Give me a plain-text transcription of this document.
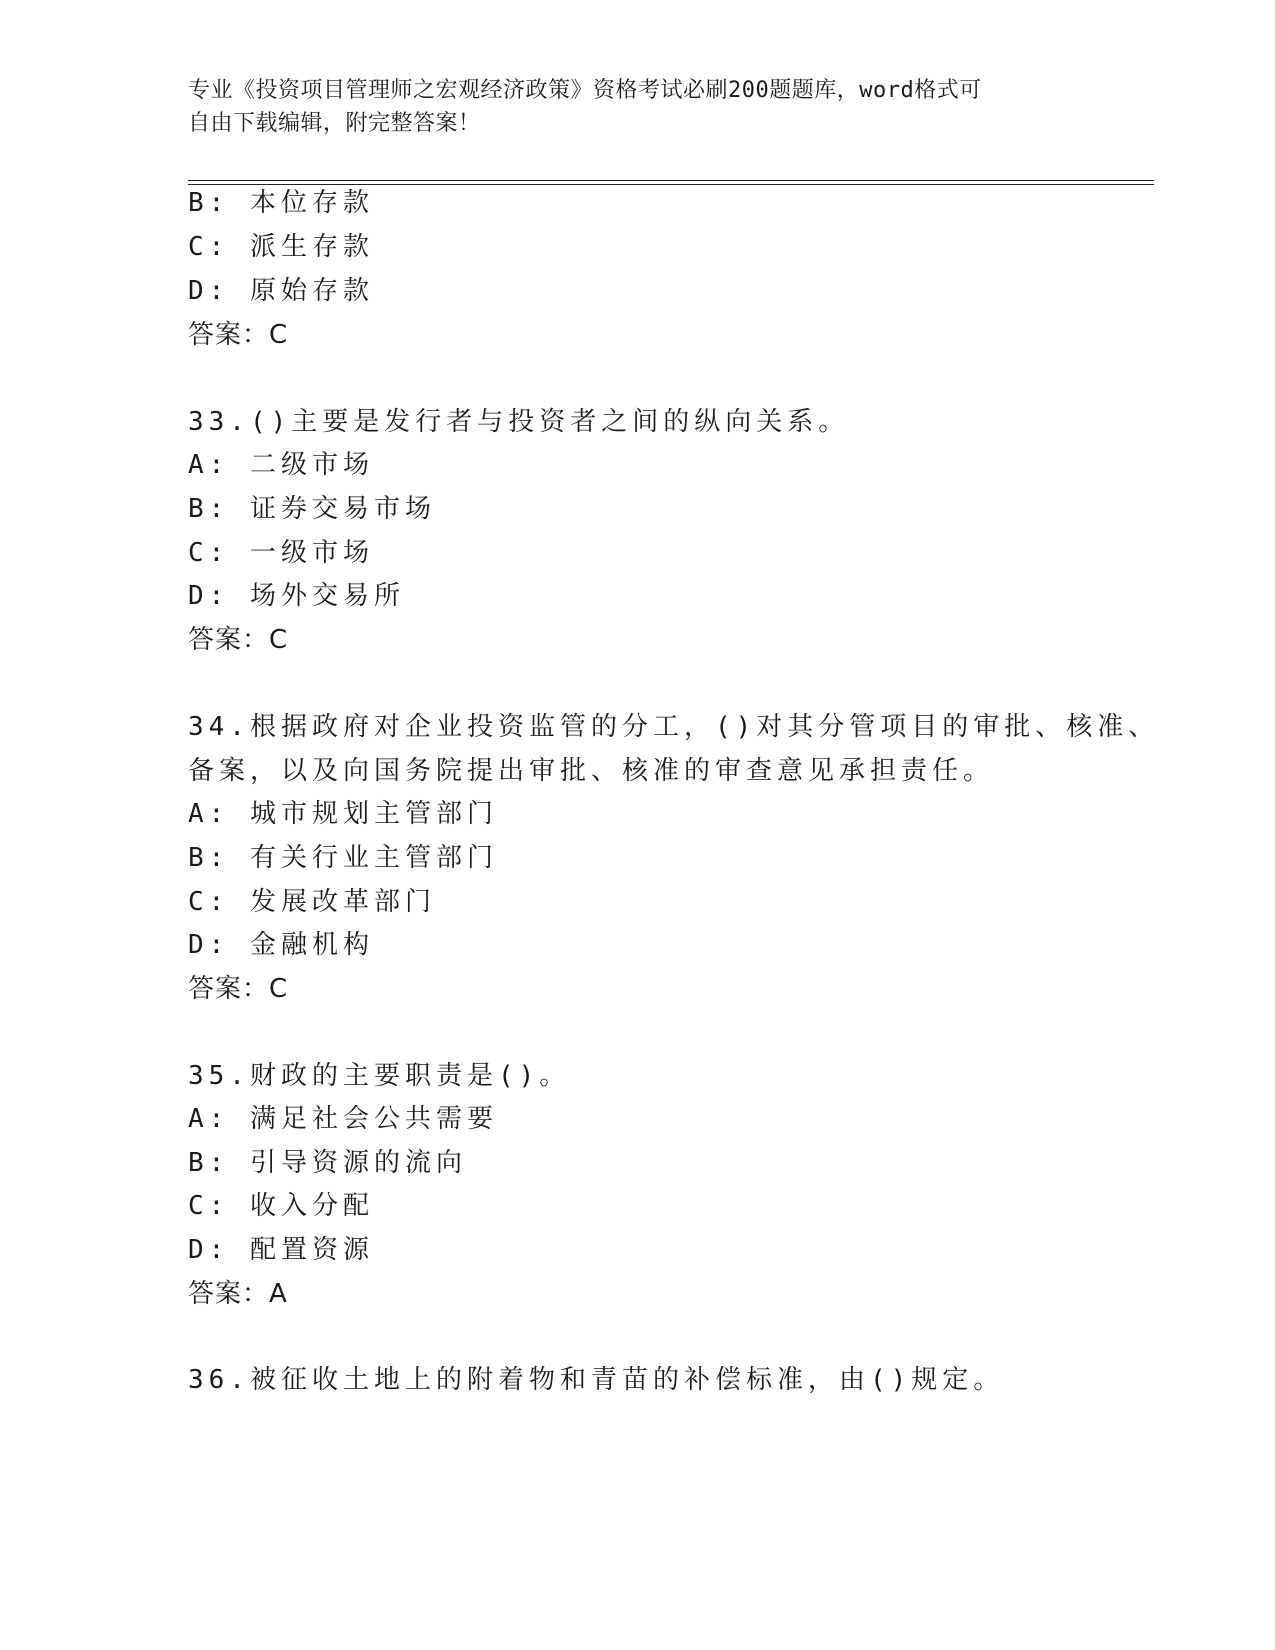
专业《投资项目管理师之宏观经济政策》资格考试必刷200题题库，word格式可
自由下载编辑，附完整答案！
B: 本位存款
C: 派生存款
D: 原始存款
答案：C
33.()主要是发行者与投资者之间的纵向关系。
A: 二级市场
B: 证券交易市场
C: 一级市场
D: 场外交易所
答案：C
34.根据政府对企业投资监管的分工，()对其分管项目的审批、核准、
备案，以及向国务院提出审批、核准的审查意见承担责任。
A: 城市规划主管部门
B: 有关行业主管部门
C: 发展改革部门
D: 金融机构
答案：C
35.财政的主要职责是()。
A: 满足社会公共需要
B: 引导资源的流向
C: 收入分配
D: 配置资源
答案：A
36.被征收土地上的附着物和青苗的补偿标准，由()规定。
